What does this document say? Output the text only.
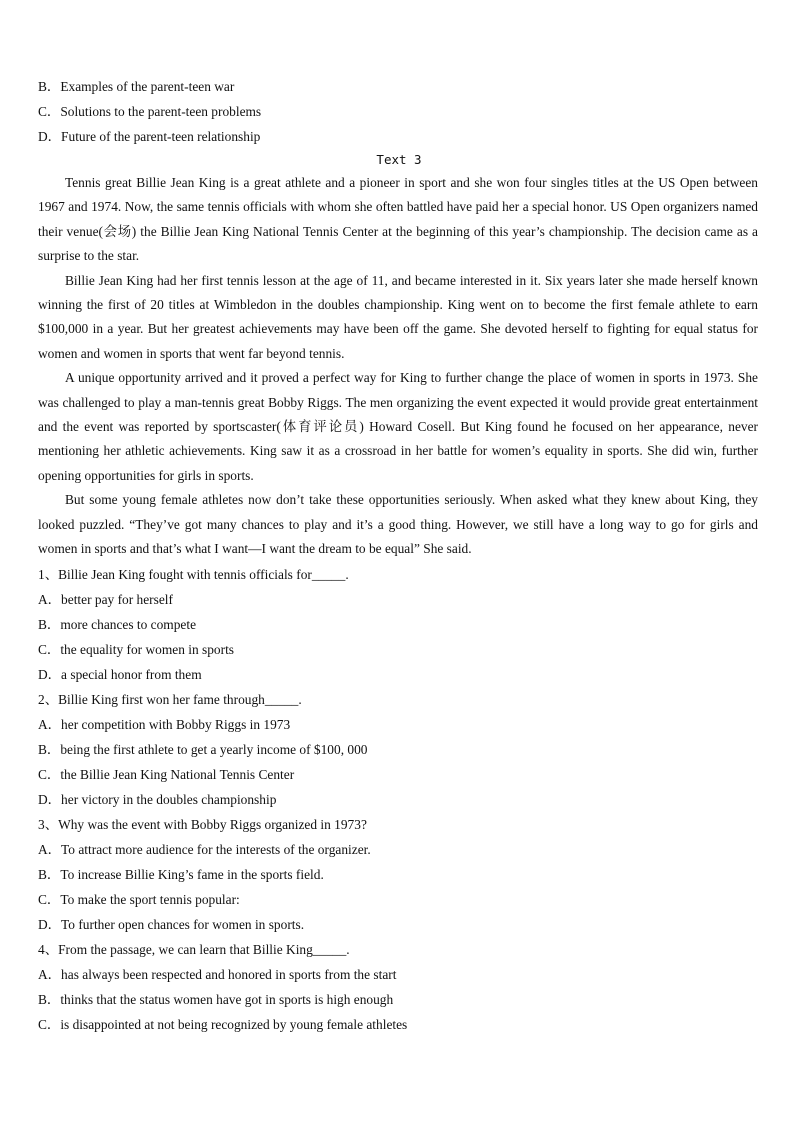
B．Examples of the parent-teen war
C．Solutions to the parent-teen problems
D．Future of the parent-teen relationship
Text 3

Tennis great Billie Jean King is a great athlete and a pioneer in sport and she won four singles titles at the US Open between 1967 and 1974. Now, the same tennis officials with whom she often battled have paid her a special honor. US Open organizers named their venue(会场) the Billie Jean King National Tennis Center at the beginning of this year’s championship. The decision came as a surprise to the star.

Billie Jean King had her first tennis lesson at the age of 11, and became interested in it. Six years later she made herself known winning the first of 20 titles at Wimbledon in the doubles championship. King went on to become the first female athlete to earn $100,000 in a year. But her greatest achievements may have been off the game. She devoted herself to fighting for equal status for women and women in sports that went far beyond tennis.

A unique opportunity arrived and it proved a perfect way for King to further change the place of women in sports in 1973. She was challenged to play a man-tennis great Bobby Riggs. The men organizing the event expected it would provide great entertainment and the event was reported by sportscaster(体育评论员) Howard Cosell. But King found he focused on her appearance, never mentioning her athletic achievements. King saw it as a crossroad in her battle for women’s equality in sports. She did win, further opening opportunities for girls in sports.

But some young female athletes now don’t take these opportunities seriously. When asked what they knew about King, they looked puzzled. “They’ve got many chances to play and it’s a good thing. However, we still have a long way to go for girls and women in sports and that’s what I want—I want the dream to be equal” She said.

1、Billie Jean King fought with tennis officials for_____.
A．better pay for herself
B．more chances to compete
C．the equality for women in sports
D．a special honor from them
2、Billie King first won her fame through_____.
A．her competition with Bobby Riggs in 1973
B．being the first athlete to get a yearly income of $100, 000
C．the Billie Jean King National Tennis Center
D．her victory in the doubles championship
3、Why was the event with Bobby Riggs organized in 1973?
A．To attract more audience for the interests of the organizer.
B．To increase Billie King’s fame in the sports field.
C．To make the sport tennis popular:
D．To further open chances for women in sports.
4、From the passage, we can learn that Billie King_____.
A．has always been respected and honored in sports from the start
B．thinks that the status women have got in sports is high enough
C．is disappointed at not being recognized by young female athletes
